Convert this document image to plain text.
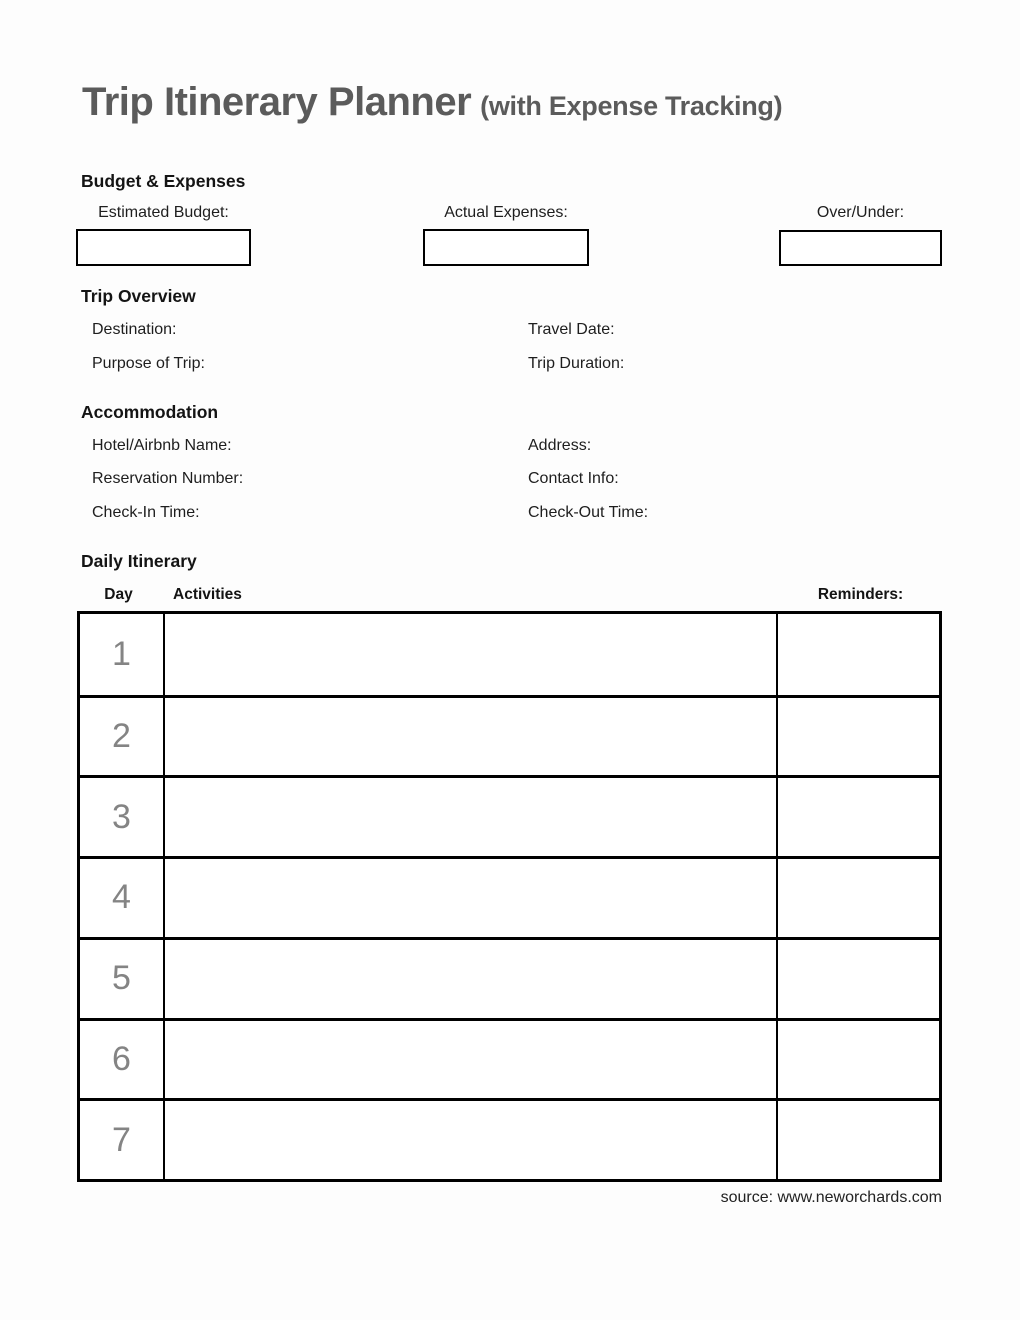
Trip Itinerary Planner (with Expense Tracking)
Budget & Expenses
Estimated Budget:	Actual Expenses:	Over/Under:
Trip Overview
Destination:	Travel Date:
Purpose of Trip:	Trip Duration:
Accommodation
Hotel/Airbnb Name:	Address:
Reservation Number:	Contact Info:
Check-In Time:	Check-Out Time:
Daily Itinerary
Day	Activities	Reminders:
1
2
3
4
5
6
7
source: www.neworchards.com
